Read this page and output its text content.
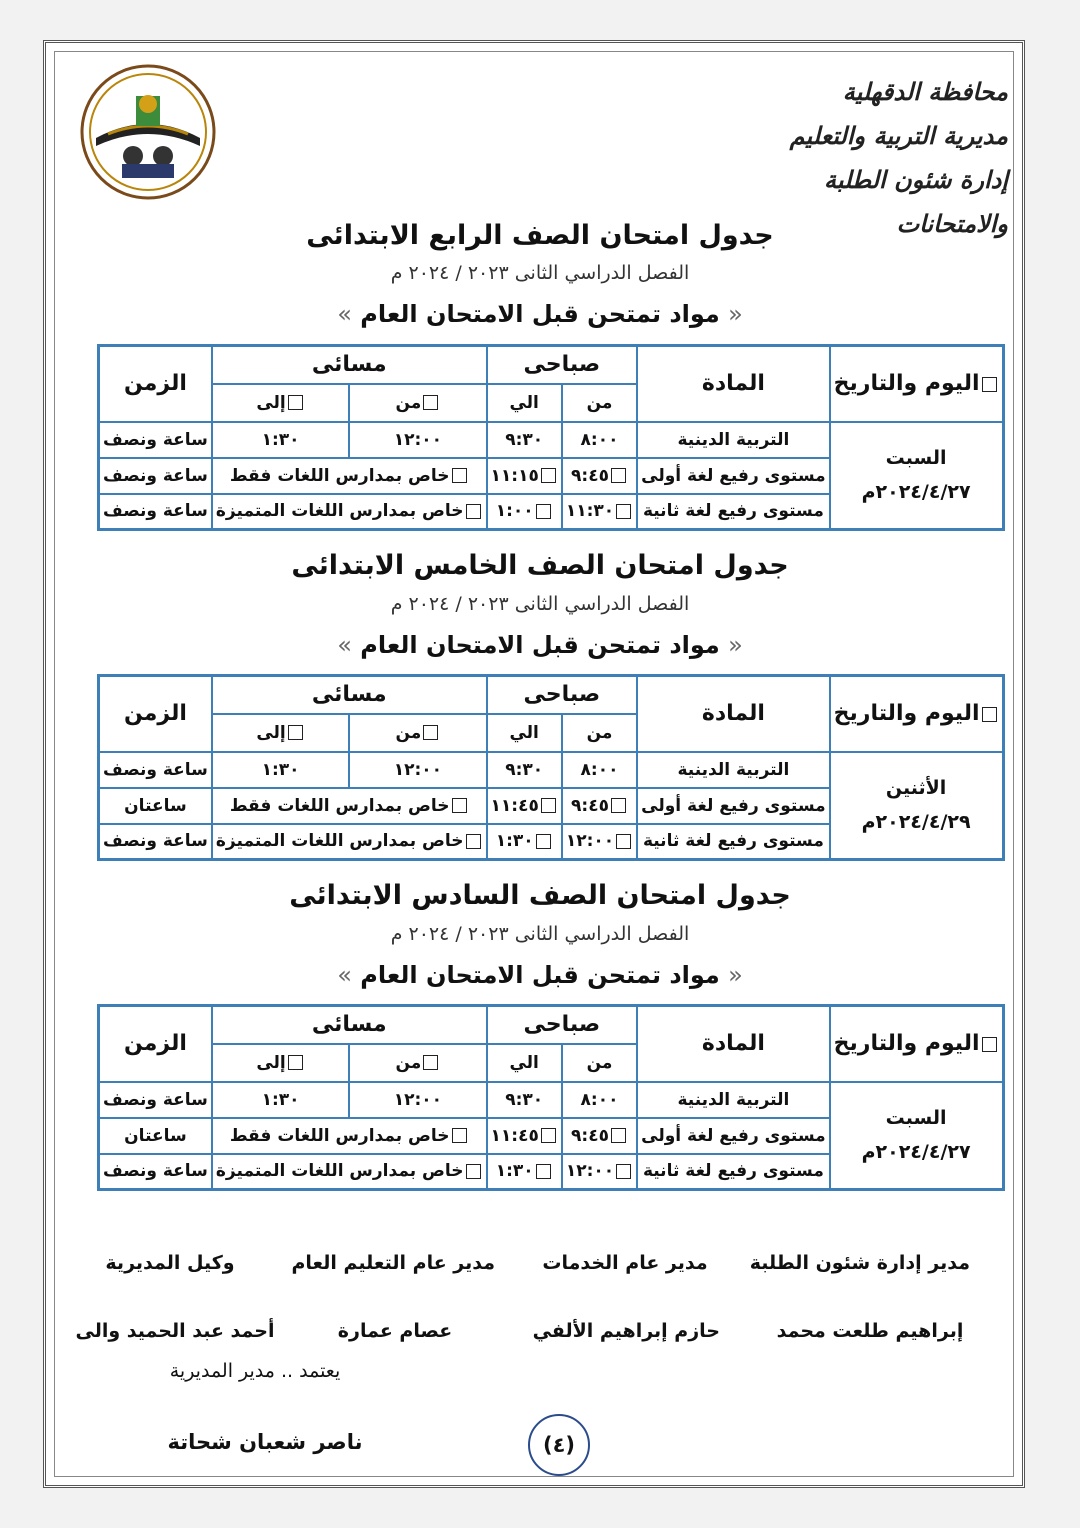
محافظة الدقهلية
مديرية التربية والتعليم
إدارة شئون الطلبة والامتحانات
جدول امتحان الصف الرابع الابتدائى
الفصل الدراسي الثانى ٢٠٢٣ / ٢٠٢٤ م
« مواد تمتحن قبل الامتحان العام »
اليوم والتاريخ	المادة	صباحى		مسائى		الزمن
		من	الي	من	إلى	

السبت
٢٠٢٤/٤/٢٧م	التربية الدينية	٨:٠٠	٩:٣٠	١٢:٠٠	١:٣٠	ساعة ونصف
	مستوى رفيع لغة أولى	٩:٤٥	١١:١٥	خاص بمدارس اللغات فقط		ساعة ونصف
	مستوى رفيع لغة ثانية	١١:٣٠	١:٠٠	خاص بمدارس اللغات المتميزة		ساعة ونصف
جدول امتحان الصف الخامس الابتدائى
الفصل الدراسي الثانى ٢٠٢٣ / ٢٠٢٤ م
« مواد تمتحن قبل الامتحان العام »
اليوم والتاريخ	المادة	صباحى		مسائى		الزمن
		من	الي	من	إلى	

الأثنين
٢٠٢٤/٤/٢٩م	التربية الدينية	٨:٠٠	٩:٣٠	١٢:٠٠	١:٣٠	ساعة ونصف
	مستوى رفيع لغة أولى	٩:٤٥	١١:٤٥	خاص بمدارس اللغات فقط		ساعتان
	مستوى رفيع لغة ثانية	١٢:٠٠	١:٣٠	خاص بمدارس اللغات المتميزة		ساعة ونصف
جدول امتحان الصف السادس الابتدائى
الفصل الدراسي الثانى ٢٠٢٣ / ٢٠٢٤ م
« مواد تمتحن قبل الامتحان العام »
اليوم والتاريخ	المادة	صباحى		مسائى		الزمن
		من	الي	من	إلى	

السبت
٢٠٢٤/٤/٢٧م	التربية الدينية	٨:٠٠	٩:٣٠	١٢:٠٠	١:٣٠	ساعة ونصف
	مستوى رفيع لغة أولى	٩:٤٥	١١:٤٥	خاص بمدارس اللغات فقط		ساعتان
	مستوى رفيع لغة ثانية	١٢:٠٠	١:٣٠	خاص بمدارس اللغات المتميزة		ساعة ونصف
مدير إدارة شئون الطلبة
مدير عام الخدمات
مدير عام التعليم العام
وكيل المديرية
إبراهيم طلعت محمد
حازم إبراهيم الألفي
عصام عمارة
أحمد عبد الحميد والى
يعتمد .. مدير المديرية
ناصر شعبان شحاتة	(٤)
